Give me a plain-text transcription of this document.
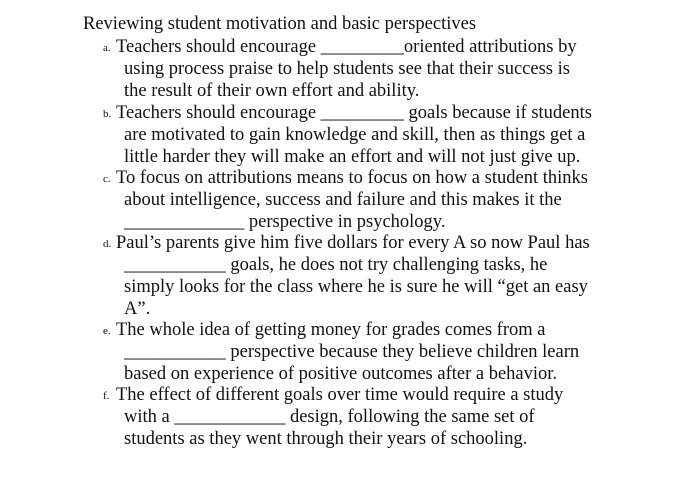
Reviewing student motivation and basic perspectives
a. Teachers should encourage _________oriented attributions by
using process praise to help students see that their success is
the result of their own effort and ability.
b. Teachers should encourage _________ goals because if students
are motivated to gain knowledge and skill, then as things get a
little harder they will make an effort and will not just give up.
c. To focus on attributions means to focus on how a student thinks
about intelligence, success and failure and this makes it the
_____________ perspective in psychology.
d. Paul’s parents give him five dollars for every A so now Paul has
___________ goals, he does not try challenging tasks, he
simply looks for the class where he is sure he will “get an easy
A”.
e. The whole idea of getting money for grades comes from a
___________ perspective because they believe children learn
based on experience of positive outcomes after a behavior.
f. The effect of different goals over time would require a study
with a ____________ design, following the same set of
students as they went through their years of schooling.
